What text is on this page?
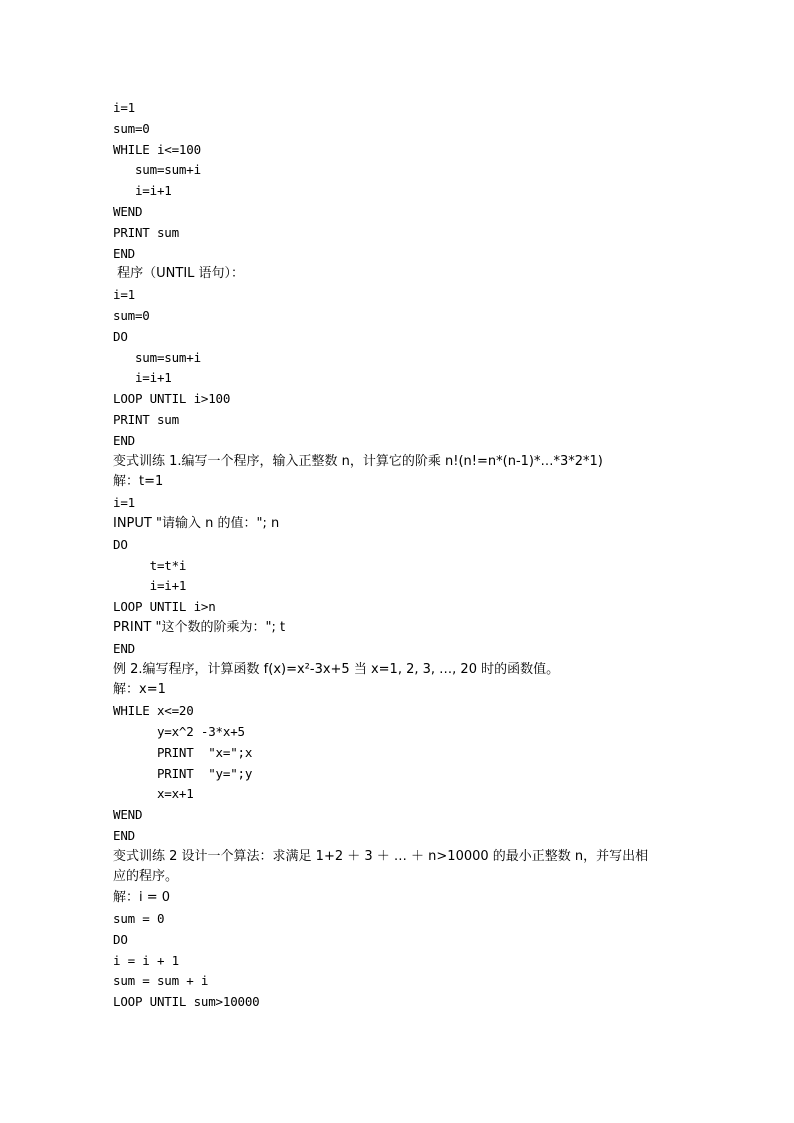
i=1
sum=0
WHILE i<=100
sum=sum+i
i=i+1
WEND
PRINT sum
END
程序（UNTIL 语句）：
i=1
sum=0
DO
sum=sum+i
i=i+1
LOOP UNTIL i>100
PRINT sum
END
变式训练 1.编写一个程序，输入正整数 n，计算它的阶乘 n!(n!=n*(n-1)*…*3*2*1)
解：t=1
i=1
INPUT "请输入 n 的值："; n
DO
t=t*i
i=i+1
LOOP UNTIL i>n
PRINT "这个数的阶乘为："; t
END
例 2.编写程序，计算函数 f(x)=x²-3x+5 当 x=1, 2, 3, …, 20 时的函数值。
解：x=1
WHILE x<=20
y=x^2 -3*x+5
PRINT  "x=";x
PRINT  "y=";y
x=x+1
WEND
END
变式训练 2 设计一个算法：求满足 1+2 ＋ 3 ＋ … ＋ n>10000 的最小正整数 n，并写出相
应的程序。
解：i = 0
sum = 0
DO
i = i + 1
sum = sum + i
LOOP UNTIL sum>10000
